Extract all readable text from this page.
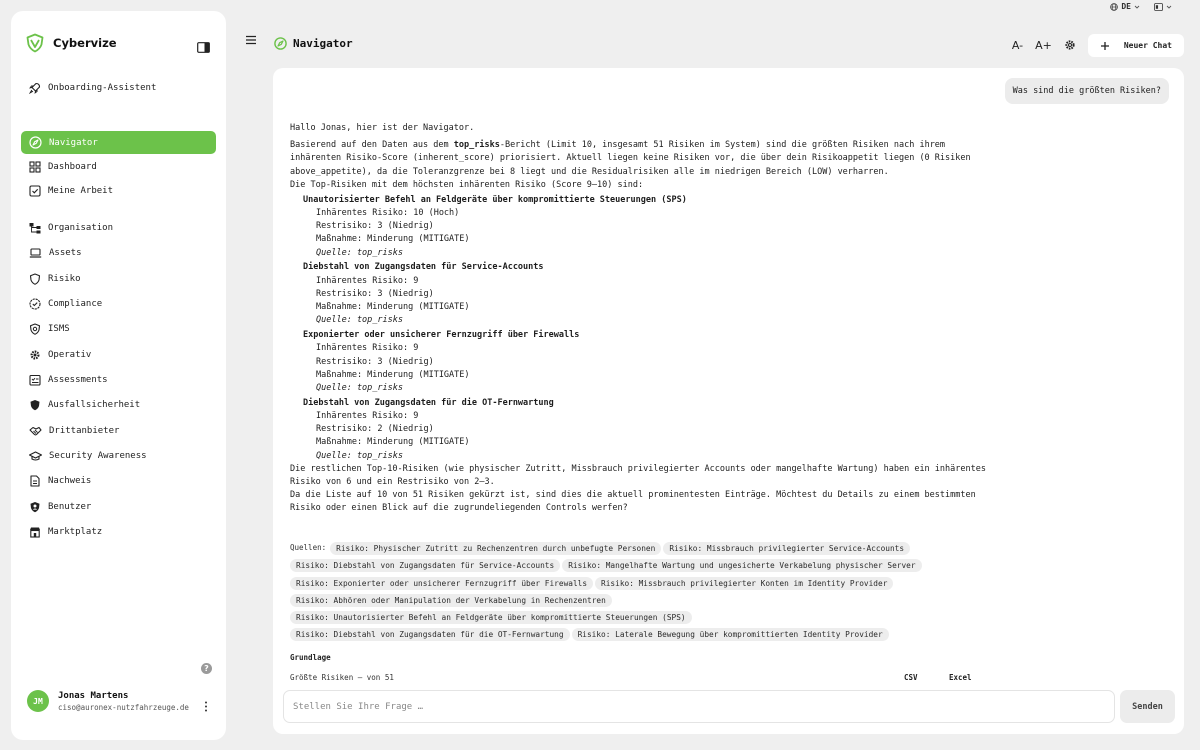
DE
Cybervize
Onboarding-Assistent
Navigator
Dashboard
Meine Arbeit
Organisation
Assets
Risiko
Compliance
ISMS
Operativ
Assessments
Ausfallsicherheit
Drittanbieter
Security Awareness
Nachweis
Benutzer
Marktplatz
?
JM
Jonas Martens
ciso@auronex-nutzfahrzeuge.de
Navigator	A- A+	Neuer Chat
Was sind die größten Risiken?

Hallo Jonas, hier ist der Navigator.

Basierend auf den Daten aus dem top_risks-Bericht (Limit 10, insgesamt 51 Risiken im System) sind die größten Risiken nach ihrem inhärenten Risiko-Score (inherent_score) priorisiert. Aktuell liegen keine Risiken vor, die über dein Risikoappetit liegen (0 Risiken above_appetite), da die Toleranzgrenze bei 8 liegt und die Residualrisiken alle im niedrigen Bereich (LOW) verharren.

Die Top-Risiken mit dem höchsten inhärenten Risiko (Score 9–10) sind:

Unautorisierter Befehl an Feldgeräte über kompromittierte Steuerungen (SPS)
Inhärentes Risiko: 10 (Hoch)
Restrisiko: 3 (Niedrig)
Maßnahme: Minderung (MITIGATE)
Quelle: top_risks
Diebstahl von Zugangsdaten für Service-Accounts
Inhärentes Risiko: 9
Restrisiko: 3 (Niedrig)
Maßnahme: Minderung (MITIGATE)
Quelle: top_risks
Exponierter oder unsicherer Fernzugriff über Firewalls
Inhärentes Risiko: 9
Restrisiko: 3 (Niedrig)
Maßnahme: Minderung (MITIGATE)
Quelle: top_risks
Diebstahl von Zugangsdaten für die OT-Fernwartung
Inhärentes Risiko: 9
Restrisiko: 2 (Niedrig)
Maßnahme: Minderung (MITIGATE)
Quelle: top_risks

Die restlichen Top-10-Risiken (wie physischer Zutritt, Missbrauch privilegierter Accounts oder mangelhafte Wartung) haben ein inhärentes Risiko von 6 und ein Restrisiko von 2–3.

Da die Liste auf 10 von 51 Risiken gekürzt ist, sind dies die aktuell prominentesten Einträge. Möchtest du Details zu einem bestimmten Risiko oder einen Blick auf die zugrundeliegenden Controls werfen?

Quellen: Risiko: Physischer Zutritt zu Rechenzentren durch unbefugte Personen Risiko: Missbrauch privilegierter Service-Accounts
Risiko: Diebstahl von Zugangsdaten für Service-Accounts Risiko: Mangelhafte Wartung und ungesicherte Verkabelung physischer Server
Risiko: Exponierter oder unsicherer Fernzugriff über Firewalls Risiko: Missbrauch privilegierter Konten im Identity Provider
Risiko: Abhören oder Manipulation der Verkabelung in Rechenzentren
Risiko: Unautorisierter Befehl an Feldgeräte über kompromittierte Steuerungen (SPS)
Risiko: Diebstahl von Zugangsdaten für die OT-Fernwartung Risiko: Laterale Bewegung über kompromittierten Identity Provider
Grundlage
Größte Risiken — von 51	CSV	Excel
Stellen Sie Ihre Frage …	Senden
